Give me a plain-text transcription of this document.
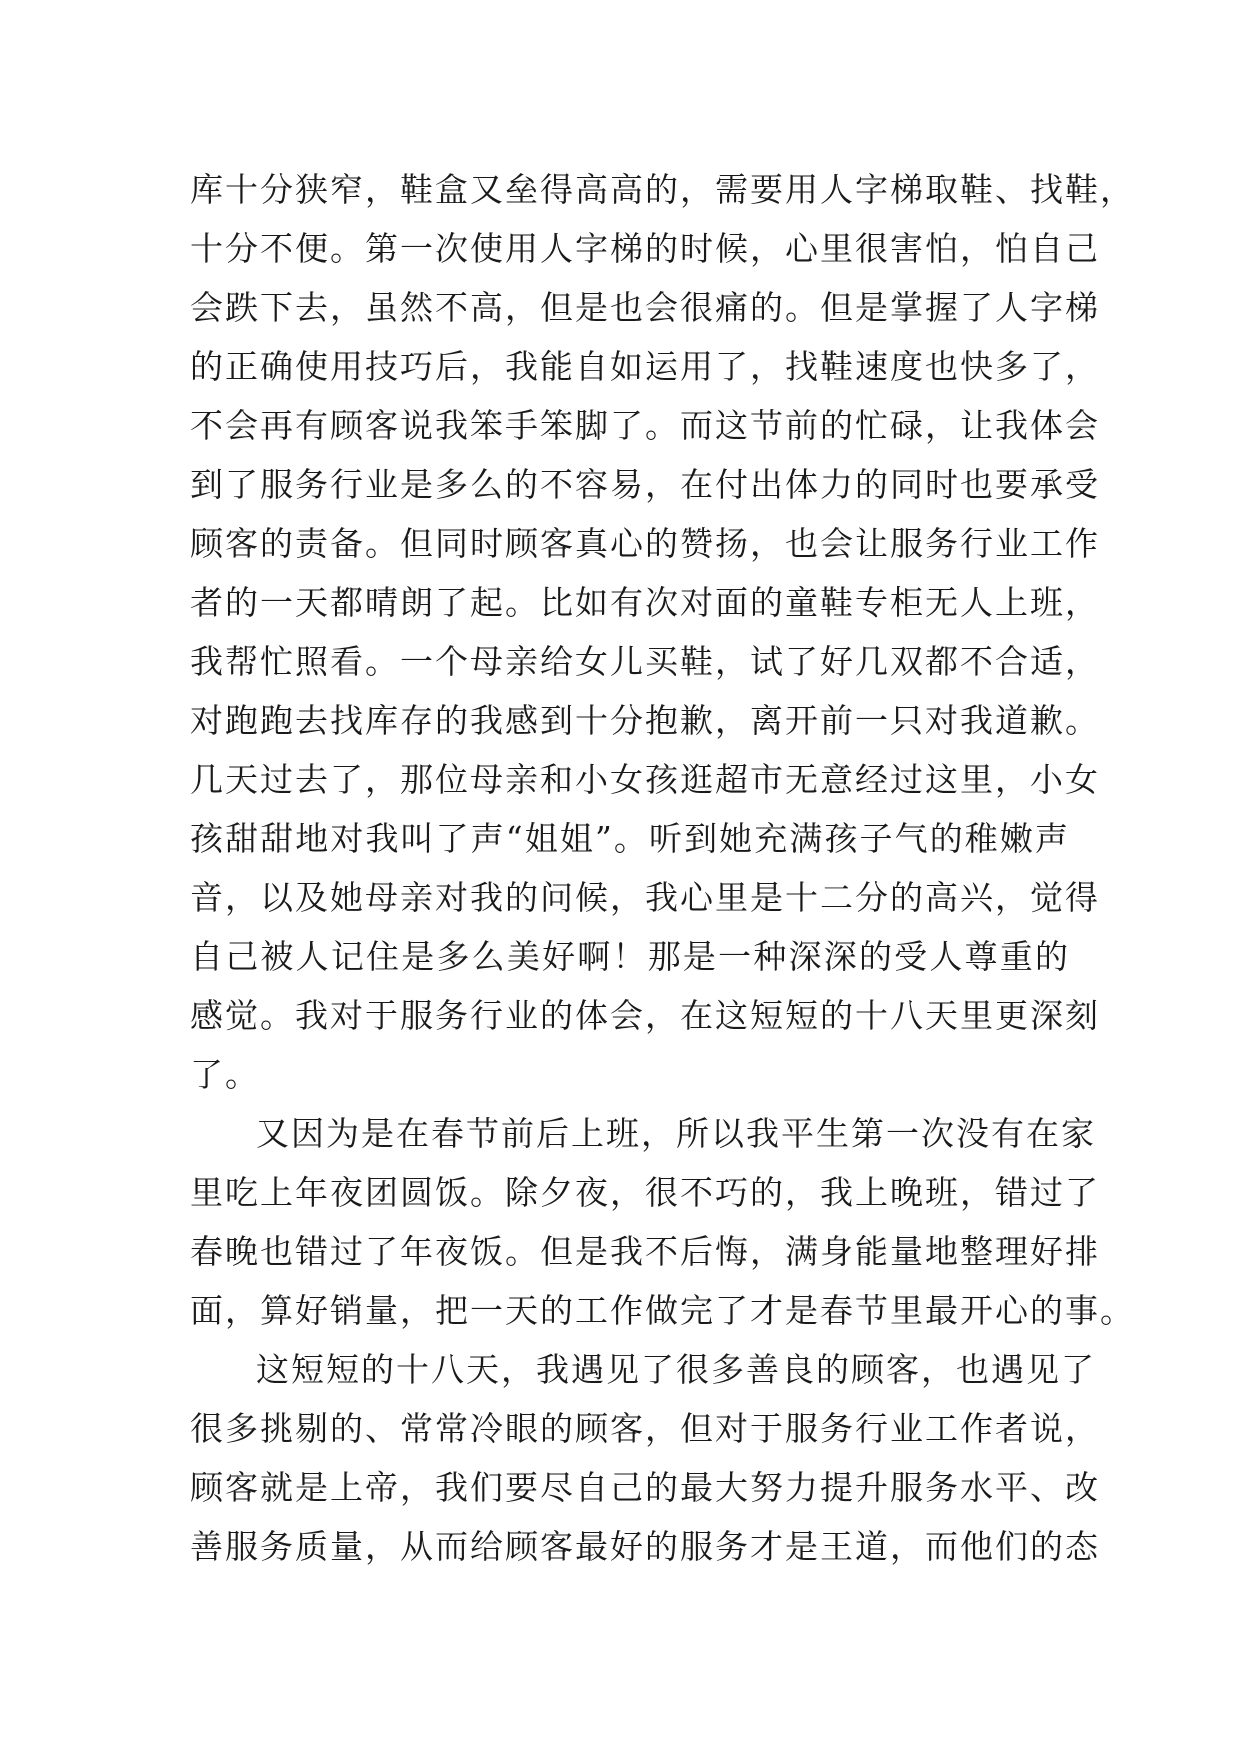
库十分狭窄，鞋盒又垒得高高的，需要用人字梯取鞋、找鞋，
十分不便。第一次使用人字梯的时候，心里很害怕，怕自己
会跌下去，虽然不高，但是也会很痛的。但是掌握了人字梯
的正确使用技巧后，我能自如运用了，找鞋速度也快多了，
不会再有顾客说我笨手笨脚了。而这节前的忙碌，让我体会
到了服务行业是多么的不容易，在付出体力的同时也要承受
顾客的责备。但同时顾客真心的赞扬，也会让服务行业工作
者的一天都晴朗了起。比如有次对面的童鞋专柜无人上班，
我帮忙照看。一个母亲给女儿买鞋，试了好几双都不合适，
对跑跑去找库存的我感到十分抱歉，离开前一只对我道歉。
几天过去了，那位母亲和小女孩逛超市无意经过这里，小女
孩甜甜地对我叫了声“姐姐”。听到她充满孩子气的稚嫩声
音，以及她母亲对我的问候，我心里是十二分的高兴，觉得
自己被人记住是多么美好啊！那是一种深深的受人尊重的
感觉。我对于服务行业的体会，在这短短的十八天里更深刻
了。
又因为是在春节前后上班，所以我平生第一次没有在家
里吃上年夜团圆饭。除夕夜，很不巧的，我上晚班，错过了
春晚也错过了年夜饭。但是我不后悔，满身能量地整理好排
面，算好销量，把一天的工作做完了才是春节里最开心的事。
这短短的十八天，我遇见了很多善良的顾客，也遇见了
很多挑剔的、常常冷眼的顾客，但对于服务行业工作者说，
顾客就是上帝，我们要尽自己的最大努力提升服务水平、改
善服务质量，从而给顾客最好的服务才是王道，而他们的态
